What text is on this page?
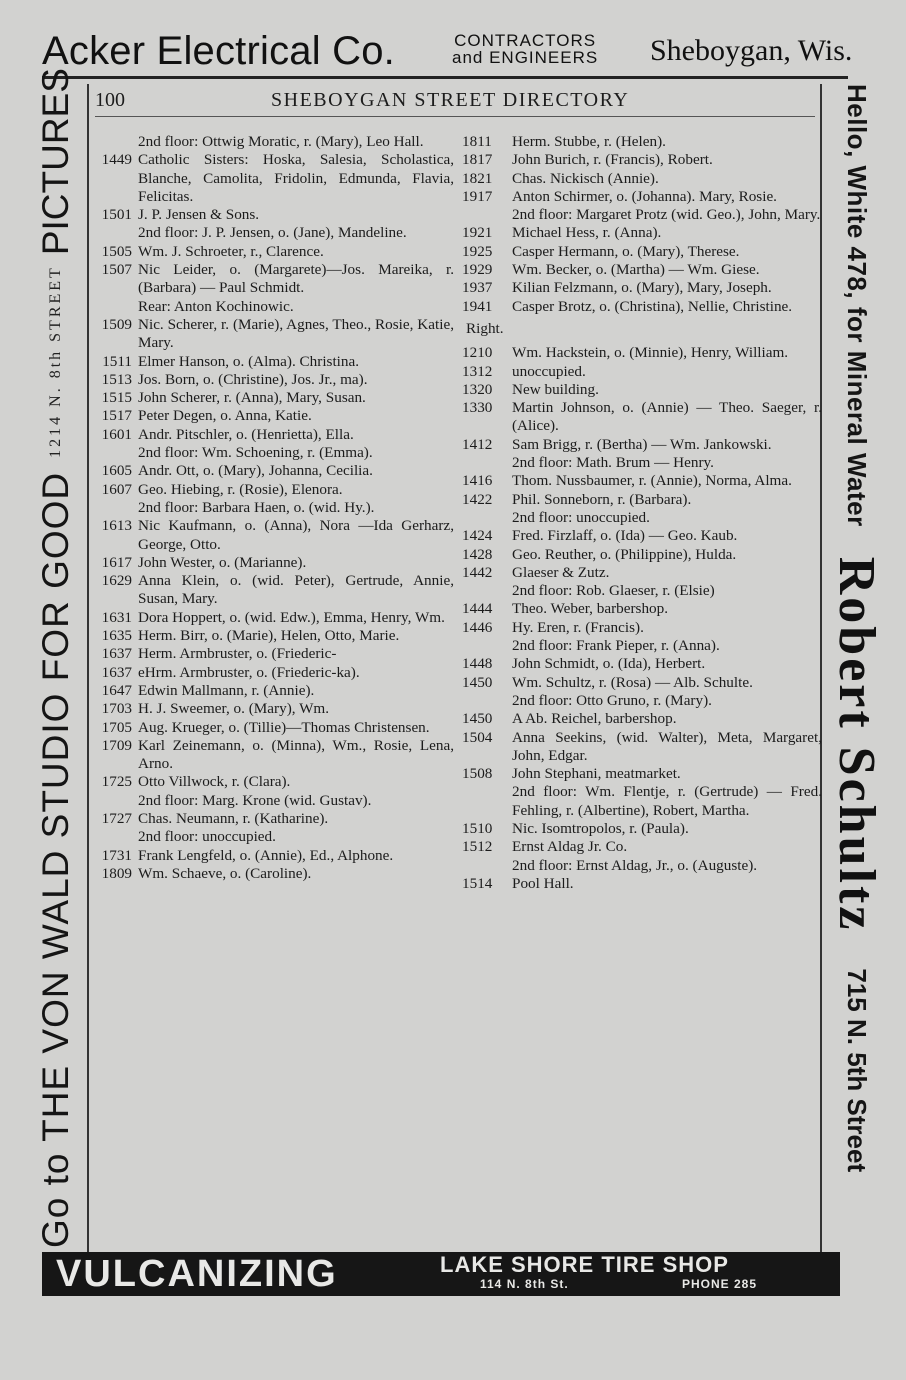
Acker Electrical Co.	CONTRACTORS
and ENGINEERS Sheboygan, Wis.
Go to THE VON WALD STUDIO FOR GOOD
1214 N. 8th STREET
PICTURES	Hello, White 478, for Mineral Water
Robert Schultz
715 N. 5th Street
100	SHEBOYGAN STREET DIRECTORY
2nd floor: Ottwig Moratic, r. (Mary), Leo Hall.
1449 Catholic Sisters: Hoska, Salesia, Scholastica, Blanche, Camolita, Fridolin, Edmunda, Flavia, Felicitas.
1501 J. P. Jensen & Sons.
2nd floor: J. P. Jensen, o. (Jane), Mandeline.
1505 Wm. J. Schroeter, r., Clarence.
1507 Nic Leider, o. (Margarete)—Jos. Mareika, r. (Barbara) — Paul Schmidt.
Rear: Anton Kochinowic.
1509 Nic. Scherer, r. (Marie), Agnes, Theo., Rosie, Katie, Mary.
1511 Elmer Hanson, o. (Alma). Christina.
1513 Jos. Born, o. (Christine), Jos. Jr., ma).
1515 John Scherer, r. (Anna), Mary, Susan.
1517 Peter Degen, o. Anna, Katie.
1601 Andr. Pitschler, o. (Henrietta), Ella.
2nd floor: Wm. Schoening, r. (Emma).
1605 Andr. Ott, o. (Mary), Johanna, Cecilia.
1607 Geo. Hiebing, r. (Rosie), Elenora.
2nd floor: Barbara Haen, o. (wid. Hy.).
1613 Nic Kaufmann, o. (Anna), Nora —Ida Gerharz, George, Otto.
1617 John Wester, o. (Marianne).
1629 Anna Klein, o. (wid. Peter), Gertrude, Annie, Susan, Mary.
1631 Dora Hoppert, o. (wid. Edw.), Emma, Henry, Wm.
1635 Herm. Birr, o. (Marie), Helen, Otto, Marie.
1637 Herm. Armbruster, o. (Friederic-
1637 eHrm. Armbruster, o. (Friederic-ka).
1647 Edwin Mallmann, r. (Annie).
1703 H. J. Sweemer, o. (Mary), Wm.
1705 Aug. Krueger, o. (Tillie)—Thomas Christensen.
1709 Karl Zeinemann, o. (Minna), Wm., Rosie, Lena, Arno.
1725 Otto Villwock, r. (Clara).
2nd floor: Marg. Krone (wid. Gustav).
1727 Chas. Neumann, r. (Katharine).
2nd floor: unoccupied.
1731 Frank Lengfeld, o. (Annie), Ed., Alphone.
1809 Wm. Schaeve, o. (Caroline).
1811	Herm. Stubbe, r. (Helen).
1817	John Burich, r. (Francis), Robert.
1821	Chas. Nickisch (Annie).
1917	Anton Schirmer, o. (Johanna). Mary, Rosie.
2nd floor: Margaret Protz (wid. Geo.), John, Mary.
1921	Michael Hess, r. (Anna).
1925	Casper Hermann, o. (Mary), Therese.
1929	Wm. Becker, o. (Martha) — Wm. Giese.
1937	Kilian Felzmann, o. (Mary), Mary, Joseph.
1941	Casper Brotz, o. (Christina), Nellie, Christine.
Right.
1210	Wm. Hackstein, o. (Minnie), Henry, William.
1312	unoccupied.
1320	New building.
1330	Martin Johnson, o. (Annie) — Theo. Saeger, r. (Alice).
1412	Sam Brigg, r. (Bertha) — Wm. Jankowski.
2nd floor: Math. Brum — Henry.
1416	Thom. Nussbaumer, r. (Annie), Norma, Alma.
1422	Phil. Sonneborn, r. (Barbara).
2nd floor: unoccupied.
1424	Fred. Firzlaff, o. (Ida) — Geo. Kaub.
1428	Geo. Reuther, o. (Philippine), Hulda.
1442	Glaeser & Zutz.
2nd floor: Rob. Glaeser, r. (Elsie)
1444	Theo. Weber, barbershop.
1446	Hy. Eren, r. (Francis).
2nd floor: Frank Pieper, r. (Anna).
1448	John Schmidt, o. (Ida), Herbert.
1450	Wm. Schultz, r. (Rosa) — Alb. Schulte.
2nd floor: Otto Gruno, r. (Mary).
1450	A Ab. Reichel, barbershop.
1504	Anna Seekins, (wid. Walter), Meta, Margaret, John, Edgar.
1508	John Stephani, meatmarket.
2nd floor: Wm. Flentje, r. (Gertrude) — Fred. Fehling, r. (Albertine), Robert, Martha.
1510	Nic. Isomtropolos, r. (Paula).
1512	Ernst Aldag Jr. Co.
2nd floor: Ernst Aldag, Jr., o. (Auguste).
1514	Pool Hall.
VULCANIZING	LAKE SHORE TIRE SHOP
114 N. 8th St.	PHONE 285
